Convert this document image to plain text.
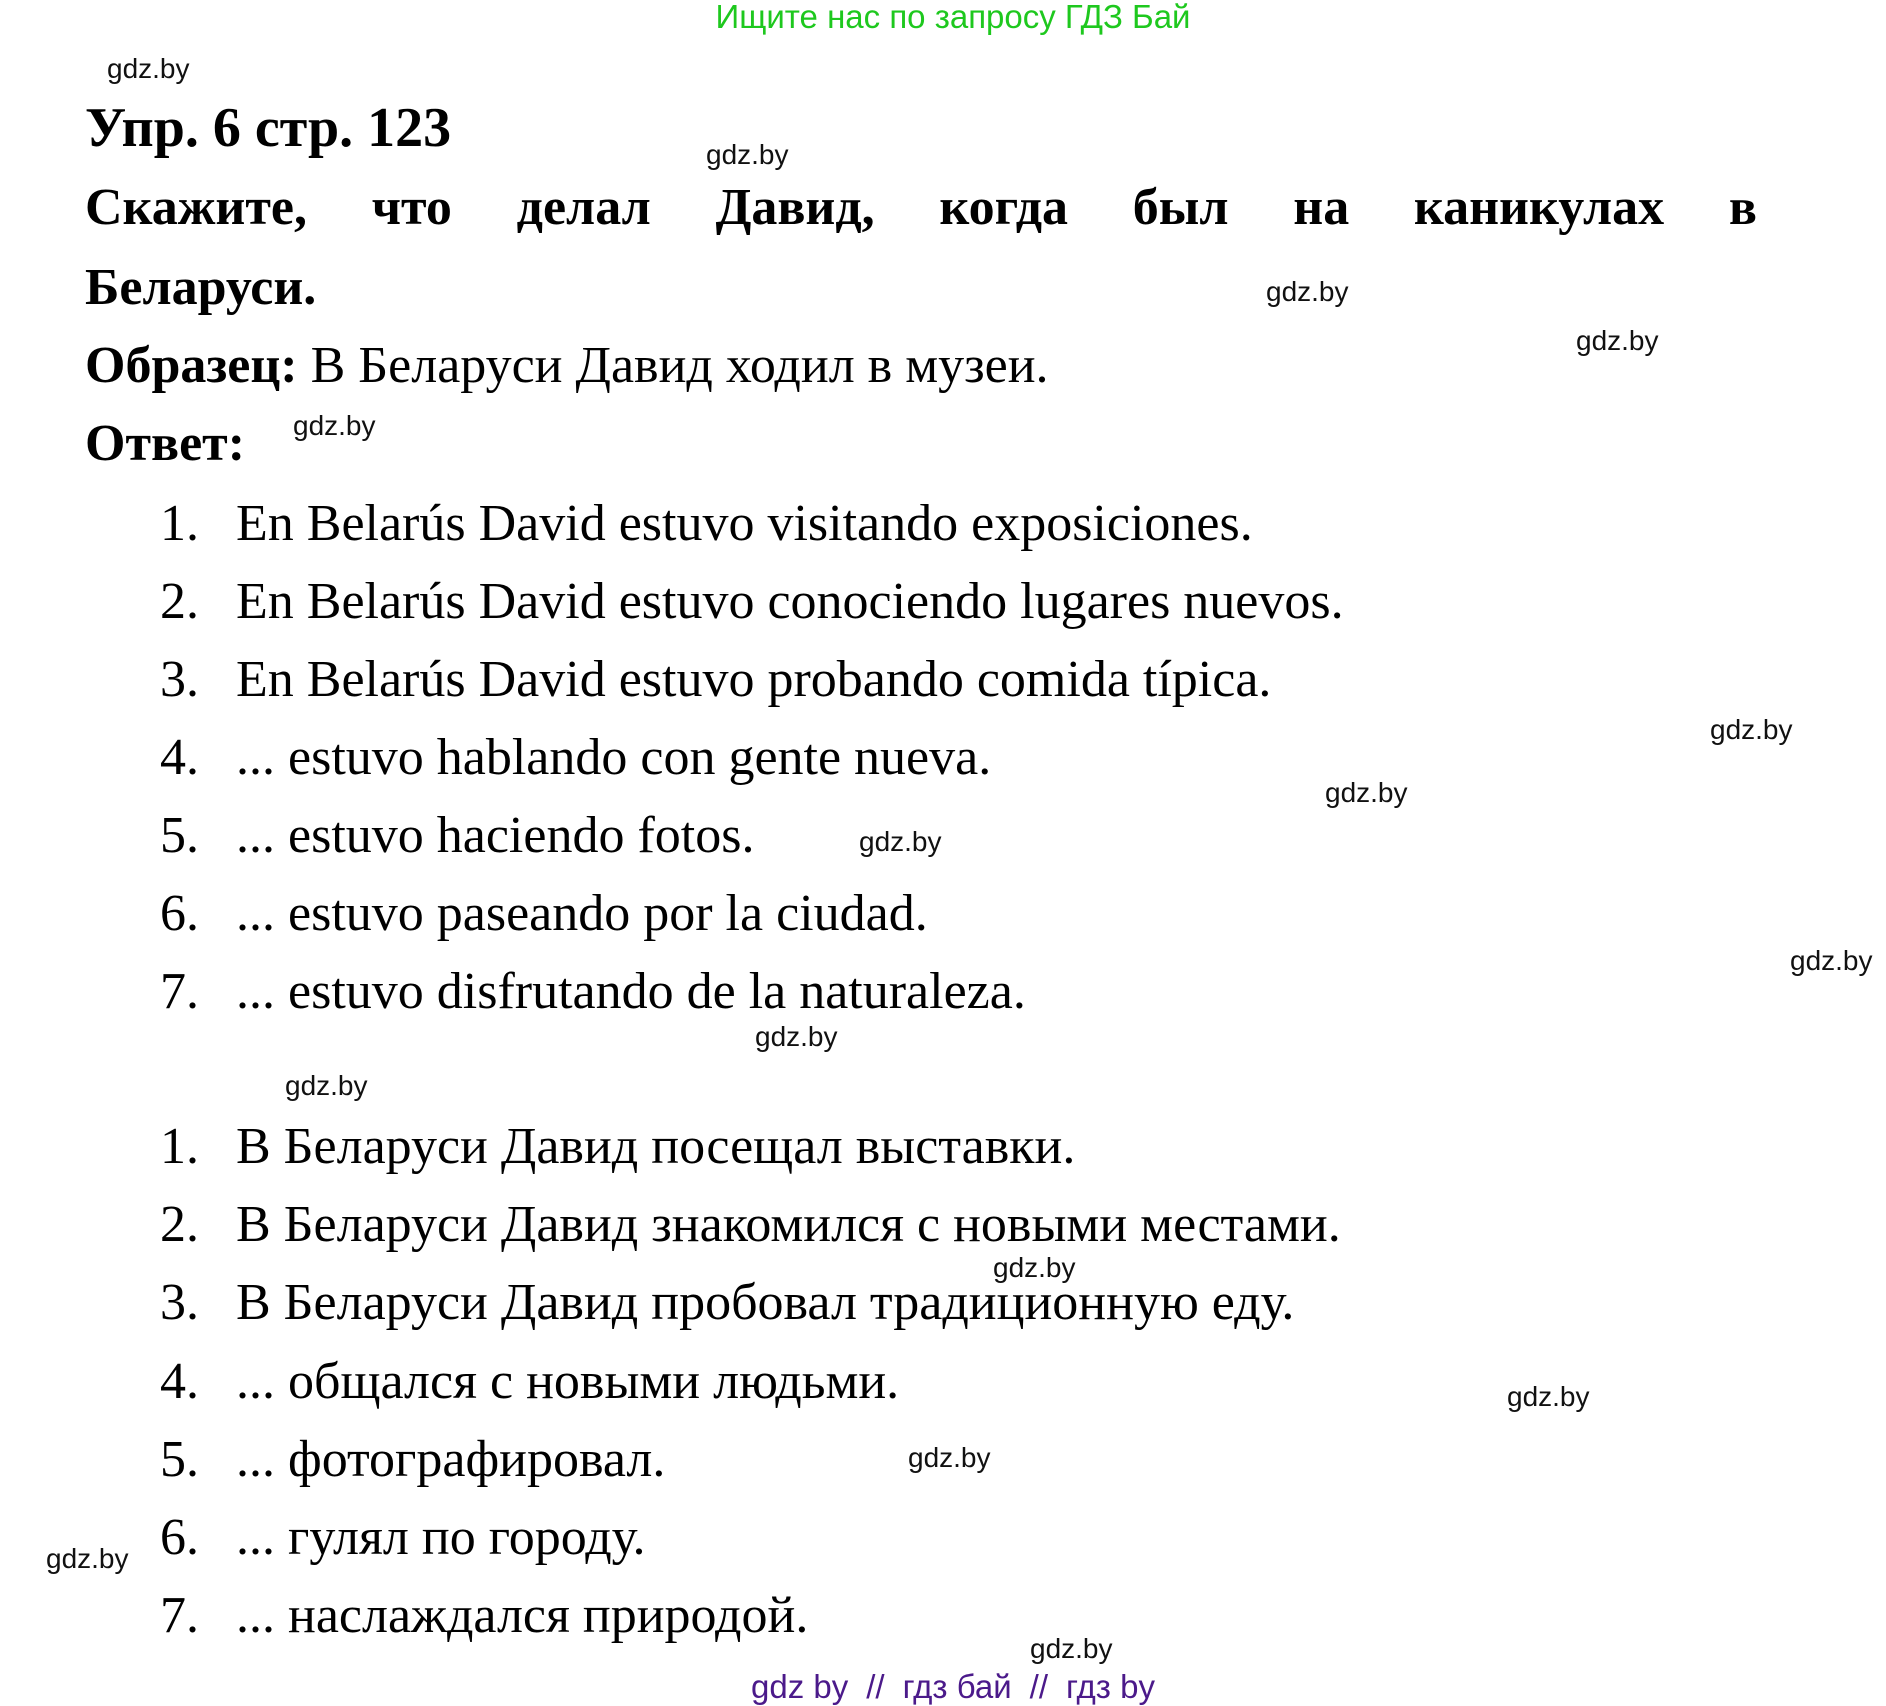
Ищите нас по запросу ГДЗ Бай
gdz.by
gdz.by
gdz.by
gdz.by
gdz.by
gdz.by
gdz.by
gdz.by
gdz.by
gdz.by
gdz.by
gdz.by
gdz.by
gdz.by
gdz.by
gdz.by
Упр. 6 стр. 123
Скажите, что делал Давид, когда был на каникулах в
Беларуси.
Образец: В Беларуси Давид ходил в музеи.
Ответ:
1. En Belarús David estuvo visitando exposiciones.
2. En Belarús David estuvo conociendo lugares nuevos.
3. En Belarús David estuvo probando comida típica.
4. ... estuvo hablando con gente nueva.
5. ... estuvo haciendo fotos.
6. ... estuvo paseando por la ciudad.
7. ... estuvo disfrutando de la naturaleza.
1. В Беларуси Давид посещал выставки.
2. В Беларуси Давид знакомился с новыми местами.
3. В Беларуси Давид пробовал традиционную еду.
4. ... общался с новыми людьми.
5. ... фотографировал.
6. ... гулял по городу.
7. ... наслаждался природой.
gdz by // гдз бай // гдз by
